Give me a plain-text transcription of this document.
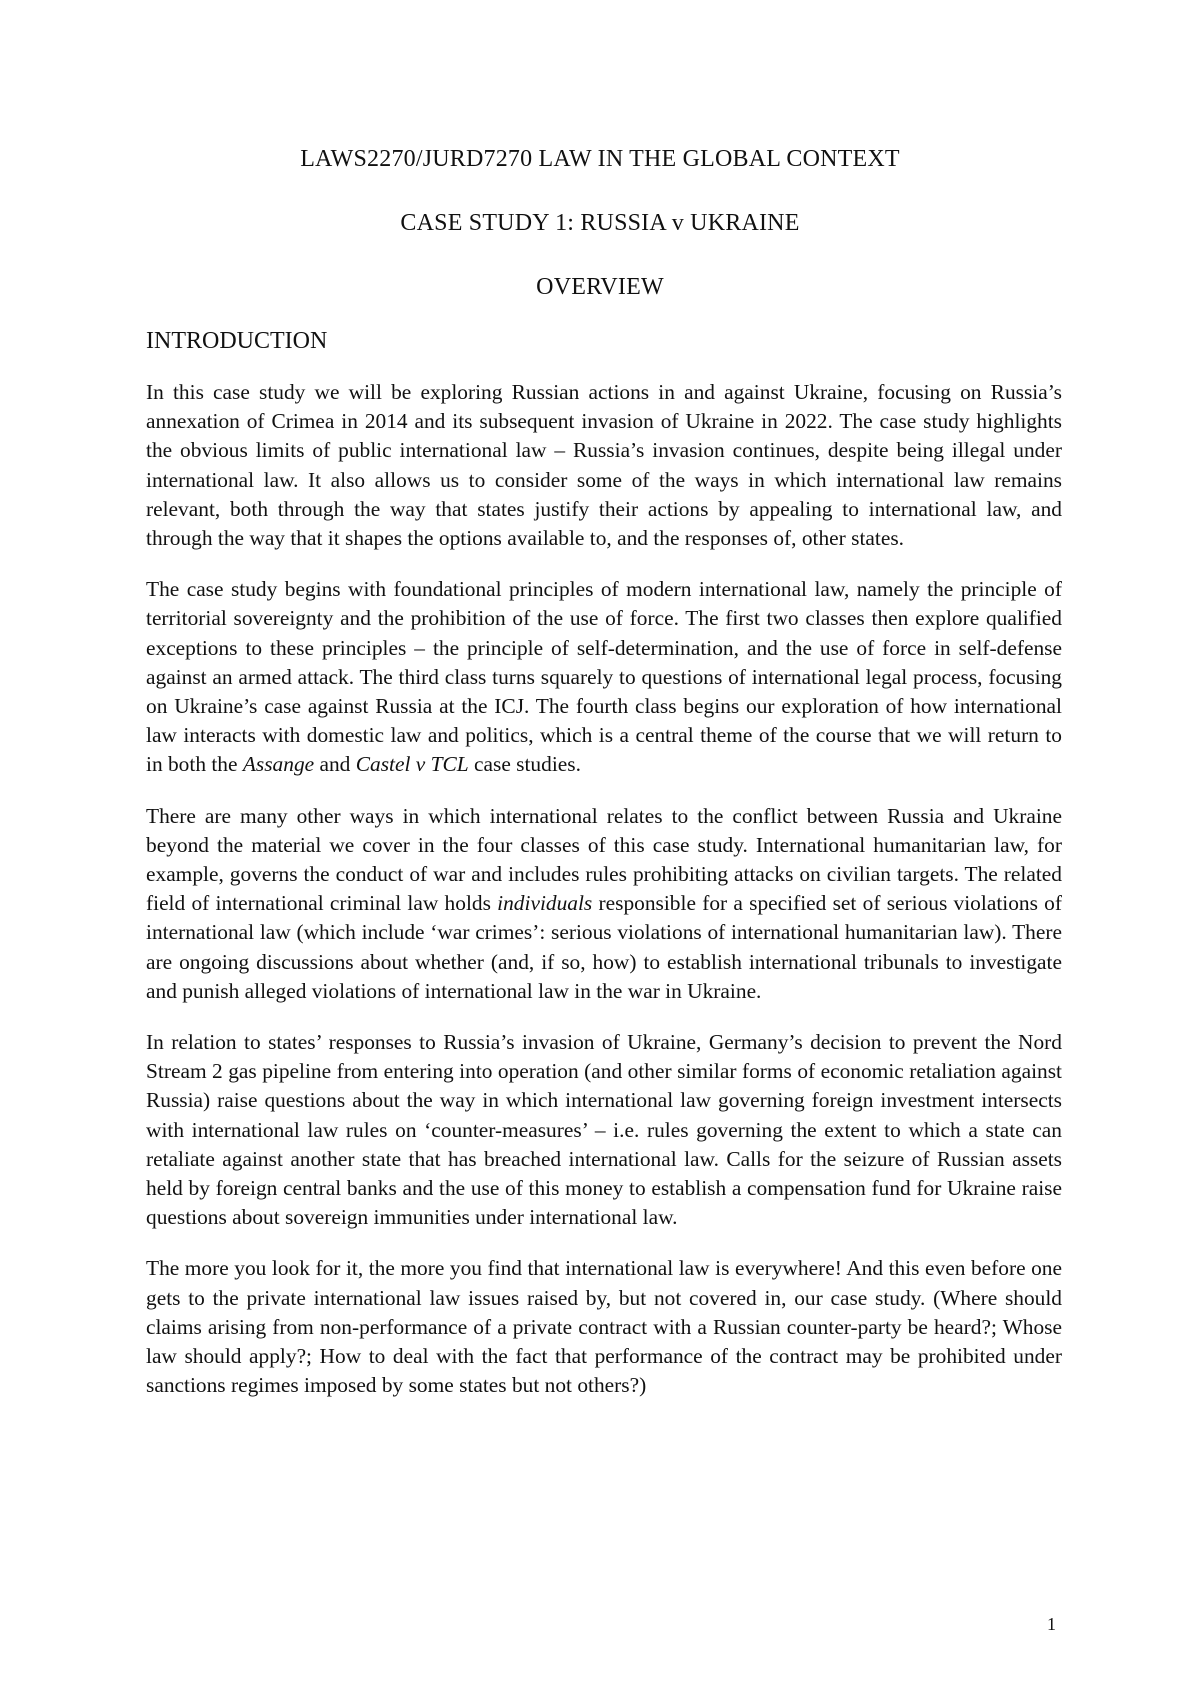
LAWS2270/JURD7270 LAW IN THE GLOBAL CONTEXT
CASE STUDY 1: RUSSIA v UKRAINE
OVERVIEW
INTRODUCTION

In this case study we will be exploring Russian actions in and against Ukraine, focusing on Russia’s annexation of Crimea in 2014 and its subsequent invasion of Ukraine in 2022. The case study highlights the obvious limits of public international law – Russia’s invasion continues, despite being illegal under international law. It also allows us to consider some of the ways in which international law remains relevant, both through the way that states justify their actions by appealing to international law, and through the way that it shapes the options available to, and the responses of, other states.

The case study begins with foundational principles of modern international law, namely the principle of territorial sovereignty and the prohibition of the use of force. The first two classes then explore qualified exceptions to these principles – the principle of self-determination, and the use of force in self-defense against an armed attack. The third class turns squarely to questions of international legal process, focusing on Ukraine’s case against Russia at the ICJ. The fourth class begins our exploration of how international law interacts with domestic law and politics, which is a central theme of the course that we will return to in both the Assange and Castel v TCL case studies.

There are many other ways in which international relates to the conflict between Russia and Ukraine beyond the material we cover in the four classes of this case study. International humanitarian law, for example, governs the conduct of war and includes rules prohibiting attacks on civilian targets. The related field of international criminal law holds individuals responsible for a specified set of serious violations of international law (which include ‘war crimes’: serious violations of international humanitarian law). There are ongoing discussions about whether (and, if so, how) to establish international tribunals to investigate and punish alleged violations of international law in the war in Ukraine.

In relation to states’ responses to Russia’s invasion of Ukraine, Germany’s decision to prevent the Nord Stream 2 gas pipeline from entering into operation (and other similar forms of economic retaliation against Russia) raise questions about the way in which international law governing foreign investment intersects with international law rules on ‘counter-measures’ – i.e. rules governing the extent to which a state can retaliate against another state that has breached international law. Calls for the seizure of Russian assets held by foreign central banks and the use of this money to establish a compensation fund for Ukraine raise questions about sovereign immunities under international law.

The more you look for it, the more you find that international law is everywhere! And this even before one gets to the private international law issues raised by, but not covered in, our case study. (Where should claims arising from non-performance of a private contract with a Russian counter-party be heard?; Whose law should apply?; How to deal with the fact that performance of the contract may be prohibited under sanctions regimes imposed by some states but not others?)

1
